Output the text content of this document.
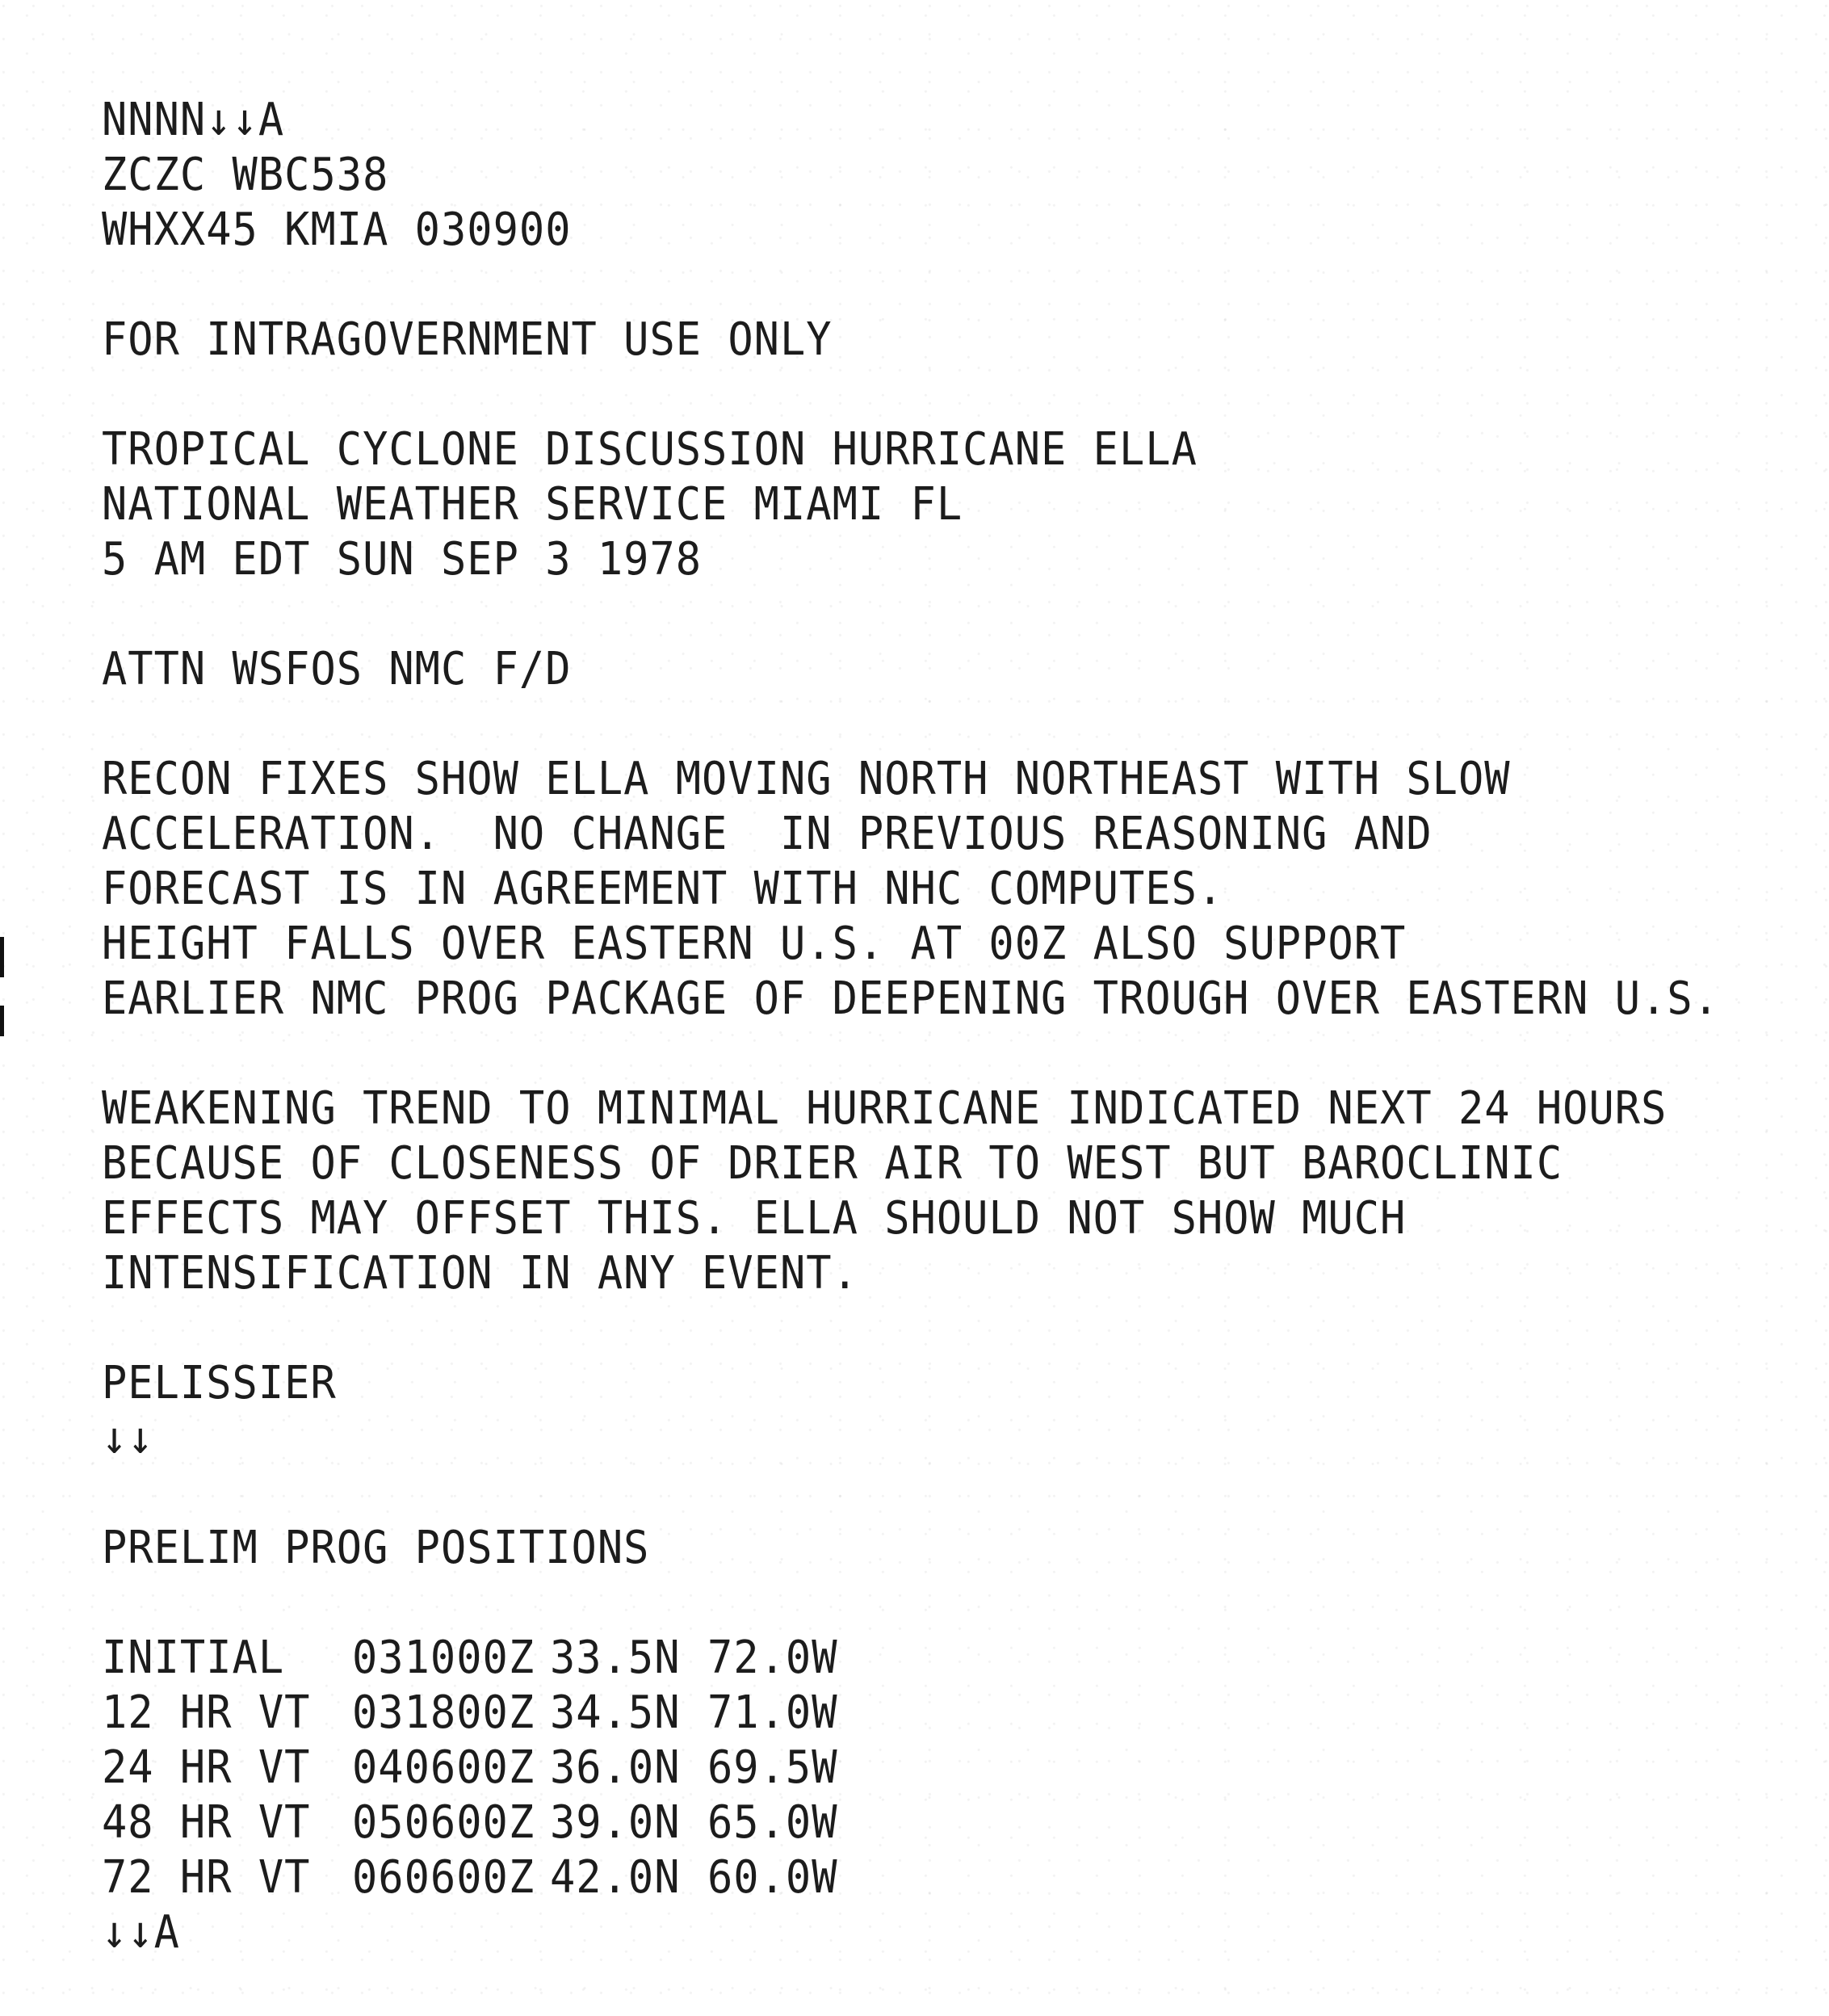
NNNN↓↓A
ZCZC WBC538
WHXX45 KMIA 030900
FOR INTRAGOVERNMENT USE ONLY
TROPICAL CYCLONE DISCUSSION HURRICANE ELLA
NATIONAL WEATHER SERVICE MIAMI FL
5 AM EDT SUN SEP 3 1978
ATTN WSFOS NMC F/D
RECON FIXES SHOW ELLA MOVING NORTH NORTHEAST WITH SLOW
ACCELERATION.  NO CHANGE  IN PREVIOUS REASONING AND
FORECAST IS IN AGREEMENT WITH NHC COMPUTES.
HEIGHT FALLS OVER EASTERN U.S. AT 00Z ALSO SUPPORT
EARLIER NMC PROG PACKAGE OF DEEPENING TROUGH OVER EASTERN U.S.
WEAKENING TREND TO MINIMAL HURRICANE INDICATED NEXT 24 HOURS
BECAUSE OF CLOSENESS OF DRIER AIR TO WEST BUT BAROCLINIC
EFFECTS MAY OFFSET THIS. ELLA SHOULD NOT SHOW MUCH
INTENSIFICATION IN ANY EVENT.
PELISSIER
↓↓
PRELIM PROG POSITIONS
INITIAL	031000Z 33.5N 72.0W
12 HR VT 031800Z 34.5N 71.0W
24 HR VT 040600Z 36.0N 69.5W
48 HR VT 050600Z 39.0N 65.0W
72 HR VT 060600Z 42.0N 60.0W
↓↓A
